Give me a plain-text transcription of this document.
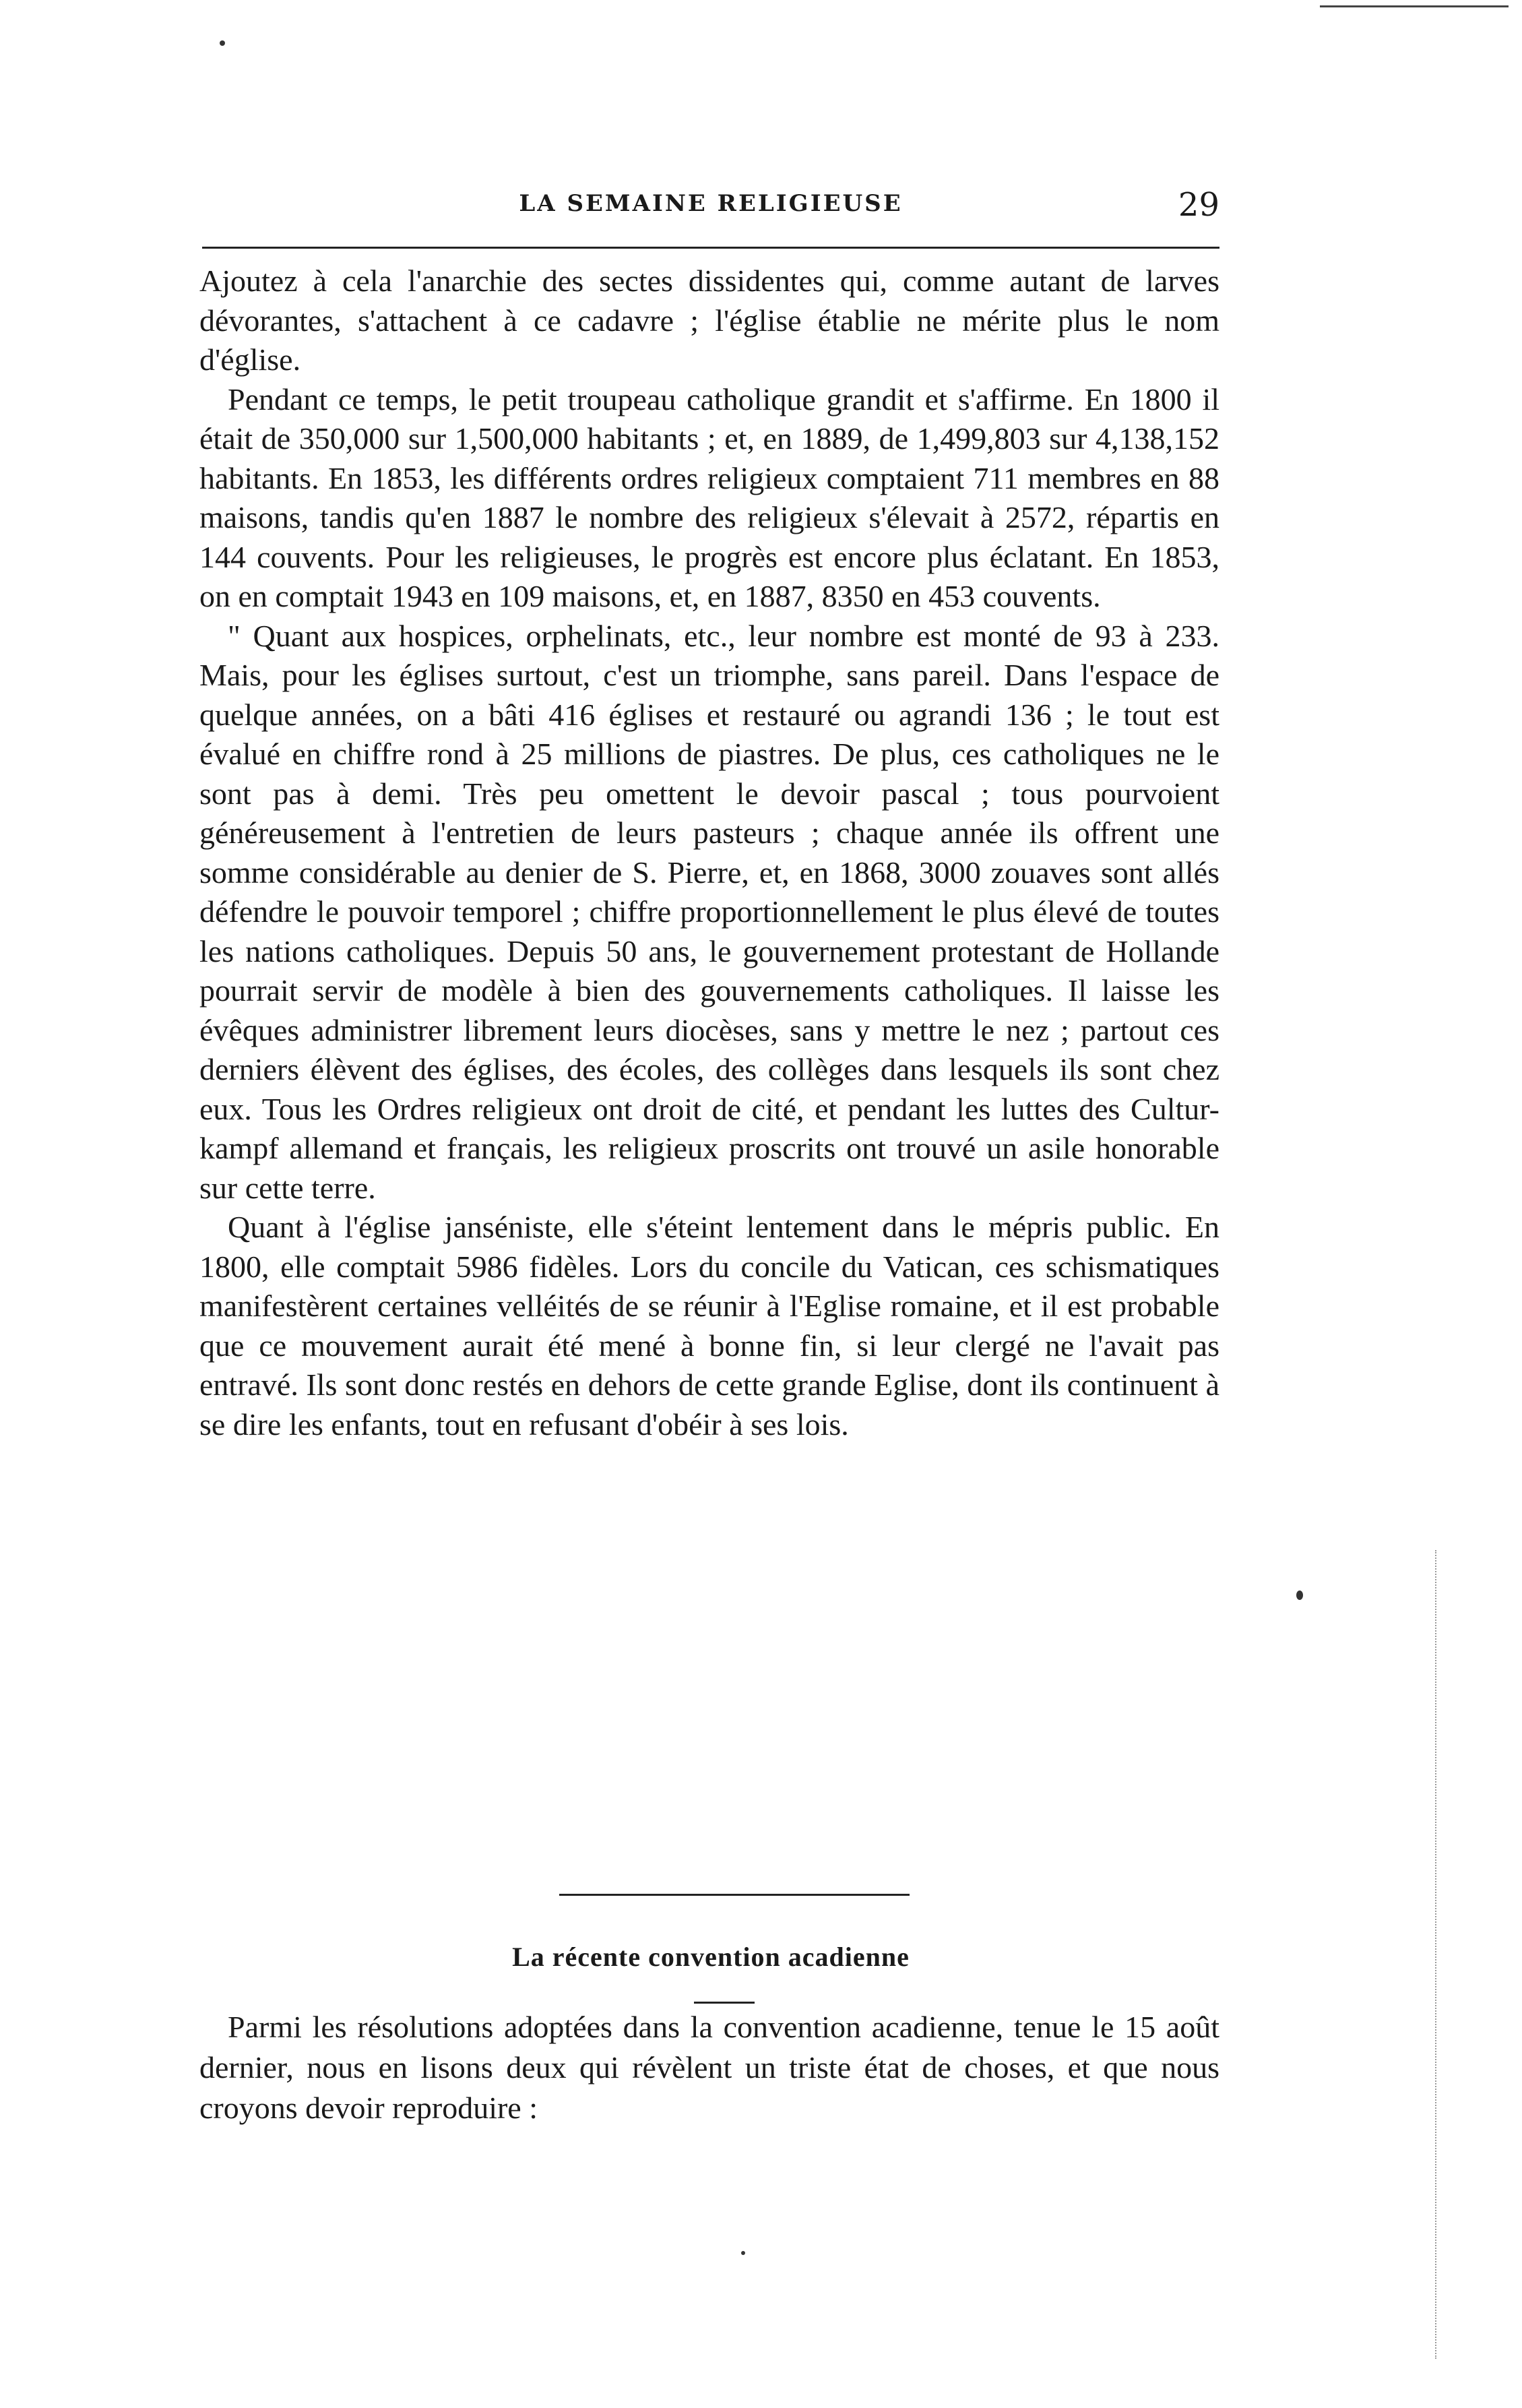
LA SEMAINE RELIGIEUSE	29

Ajoutez à cela l'anarchie des sectes dissidentes qui, comme autant de larves dévorantes, s'attachent à ce cadavre ; l'église établie ne mérite plus le nom d'église.

Pendant ce temps, le petit troupeau catholique grandit et s'affirme. En 1800 il était de 350,000 sur 1,500,000 habitants ; et, en 1889, de 1,499,803 sur 4,138,152 habitants. En 1853, les différents ordres religieux comptaient 711 membres en 88 maisons, tandis qu'en 1887 le nombre des religieux s'élevait à 2572, répartis en 144 couvents. Pour les religieuses, le progrès est encore plus éclatant. En 1853, on en comptait 1943 en 109 maisons, et, en 1887, 8350 en 453 couvents.

" Quant aux hospices, orphelinats, etc., leur nombre est monté de 93 à 233. Mais, pour les églises surtout, c'est un triomphe, sans pareil. Dans l'espace de quelque années, on a bâti 416 églises et restauré ou agrandi 136 ; le tout est évalué en chiffre rond à 25 millions de piastres. De plus, ces catholiques ne le sont pas à demi. Très peu omettent le devoir pascal ; tous pourvoient généreusement à l'entretien de leurs pasteurs ; chaque année ils offrent une somme considérable au denier de S. Pierre, et, en 1868, 3000 zouaves sont allés défendre le pouvoir temporel ; chiffre proportionnellement le plus élevé de toutes les nations catholiques. Depuis 50 ans, le gouvernement protestant de Hollande pourrait servir de modèle à bien des gouvernements catholiques. Il laisse les évêques administrer librement leurs diocèses, sans y mettre le nez ; partout ces derniers élèvent des églises, des écoles, des collèges dans lesquels ils sont chez eux. Tous les Ordres religieux ont droit de cité, et pendant les luttes des Cultur-kampf allemand et français, les religieux proscrits ont trouvé un asile honorable sur cette terre.

Quant à l'église janséniste, elle s'éteint lentement dans le mépris public. En 1800, elle comptait 5986 fidèles. Lors du concile du Vatican, ces schismatiques manifestèrent certaines velléités de se réunir à l'Eglise romaine, et il est probable que ce mouvement aurait été mené à bonne fin, si leur clergé ne l'avait pas entravé. Ils sont donc restés en dehors de cette grande Eglise, dont ils continuent à se dire les enfants, tout en refusant d'obéir à ses lois.

La récente convention acadienne

Parmi les résolutions adoptées dans la convention acadienne, tenue le 15 août dernier, nous en lisons deux qui révèlent un triste état de choses, et que nous croyons devoir reproduire :
